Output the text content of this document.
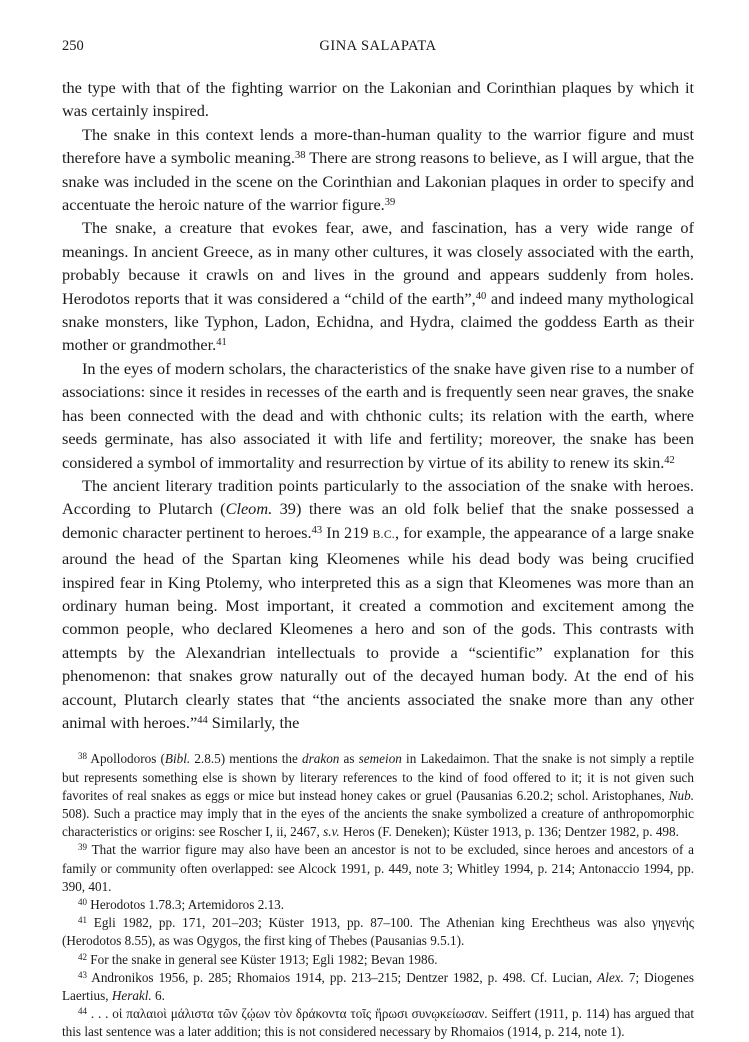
250	GINA SALAPATA

the type with that of the fighting warrior on the Lakonian and Corinthian plaques by which it was certainly inspired.

The snake in this context lends a more-than-human quality to the warrior figure and must therefore have a symbolic meaning.$^{38}$ There are strong reasons to believe, as I will argue, that the snake was included in the scene on the Corinthian and Lakonian plaques in order to specify and accentuate the heroic nature of the warrior figure.$^{39}$

The snake, a creature that evokes fear, awe, and fascination, has a very wide range of meanings. In ancient Greece, as in many other cultures, it was closely associated with the earth, probably because it crawls on and lives in the ground and appears suddenly from holes. Herodotos reports that it was considered a “child of the earth”,$^{40}$ and indeed many mythological snake monsters, like Typhon, Ladon, Echidna, and Hydra, claimed the goddess Earth as their mother or grandmother.$^{41}$

In the eyes of modern scholars, the characteristics of the snake have given rise to a number of associations: since it resides in recesses of the earth and is frequently seen near graves, the snake has been connected with the dead and with chthonic cults; its relation with the earth, where seeds germinate, has also associated it with life and fertility; moreover, the snake has been considered a symbol of immortality and resurrection by virtue of its ability to renew its skin.$^{42}$

The ancient literary tradition points particularly to the association of the snake with heroes. According to Plutarch (Cleom. 39) there was an old folk belief that the snake possessed a demonic character pertinent to heroes.$^{43}$ In 219 B.C., for example, the appearance of a large snake around the head of the Spartan king Kleomenes while his dead body was being crucified inspired fear in King Ptolemy, who interpreted this as a sign that Kleomenes was more than an ordinary human being. Most important, it created a commotion and excitement among the common people, who declared Kleomenes a hero and son of the gods. This contrasts with attempts by the Alexandrian intellectuals to provide a “scientific” explanation for this phenomenon: that snakes grow naturally out of the decayed human body. At the end of his account, Plutarch clearly states that “the ancients associated the snake more than any other animal with heroes.”$^{44}$ Similarly, the

$^{38}$ Apollodoros (Bibl. 2.8.5) mentions the drakon as semeion in Lakedaimon. That the snake is not simply a reptile but represents something else is shown by literary references to the kind of food offered to it; it is not given such favorites of real snakes as eggs or mice but instead honey cakes or gruel (Pausanias 6.20.2; schol. Aristophanes, Nub. 508). Such a practice may imply that in the eyes of the ancients the snake symbolized a creature of anthropomorphic characteristics or origins: see Roscher I, ii, 2467, s.v. Heros (F. Deneken); Küster 1913, p. 136; Dentzer 1982, p. 498.

$^{39}$ That the warrior figure may also have been an ancestor is not to be excluded, since heroes and ancestors of a family or community often overlapped: see Alcock 1991, p. 449, note 3; Whitley 1994, p. 214; Antonaccio 1994, pp. 390, 401.

$^{40}$ Herodotos 1.78.3; Artemidoros 2.13.

$^{41}$ Egli 1982, pp. 171, 201–203; Küster 1913, pp. 87–100. The Athenian king Erechtheus was also γηγενής (Herodotos 8.55), as was Ogygos, the first king of Thebes (Pausanias 9.5.1).

$^{42}$ For the snake in general see Küster 1913; Egli 1982; Bevan 1986.

$^{43}$ Andronikos 1956, p. 285; Rhomaios 1914, pp. 213–215; Dentzer 1982, p. 498. Cf. Lucian, Alex. 7; Diogenes Laertius, Herakl. 6.

$^{44}$ . . . οἱ παλαιοὶ μάλιστα τῶν ζῴων τὸν δράκοντα τοῖς ἥρωσι συνῳκείωσαν. Seiffert (1911, p. 114) has argued that this last sentence was a later addition; this is not considered necessary by Rhomaios (1914, p. 214, note 1).
